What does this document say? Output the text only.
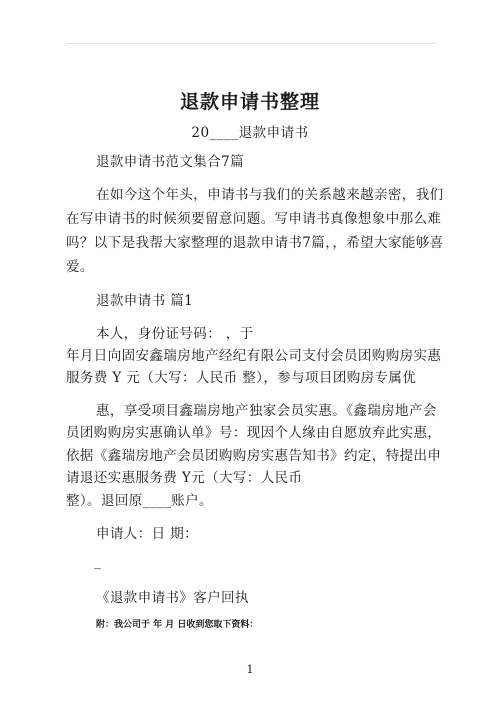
退款申请书整理
20____退款申请书
退款申请书范文集合7篇
在如今这个年头，申请书与我们的关系越来越亲密，我们
在写申请书的时候须要留意问题。写申请书真像想象中那么难
吗？以下是我帮大家整理的退款申请书7篇，，希望大家能够喜
爱。
退款申请书 篇1
本人，身份证号码： ，于
年月日向固安鑫瑞房地产经纪有限公司支付会员团购购房实惠
服务费 Y 元（大写：人民币 整），参与项目团购房专属优
惠，享受项目鑫瑞房地产独家会员实惠。《鑫瑞房地产会
员团购购房实惠确认单》号：现因个人缘由自愿放弃此实惠，
依据《鑫瑞房地产会员团购购房实惠告知书》约定，特提出申
请退还实惠服务费 Y元（大写：人民币
整）。退回原____账户。
申请人：日 期：
_
《退款申请书》客户回执
附：我公司于 年 月 日收到您取下资料：
1
